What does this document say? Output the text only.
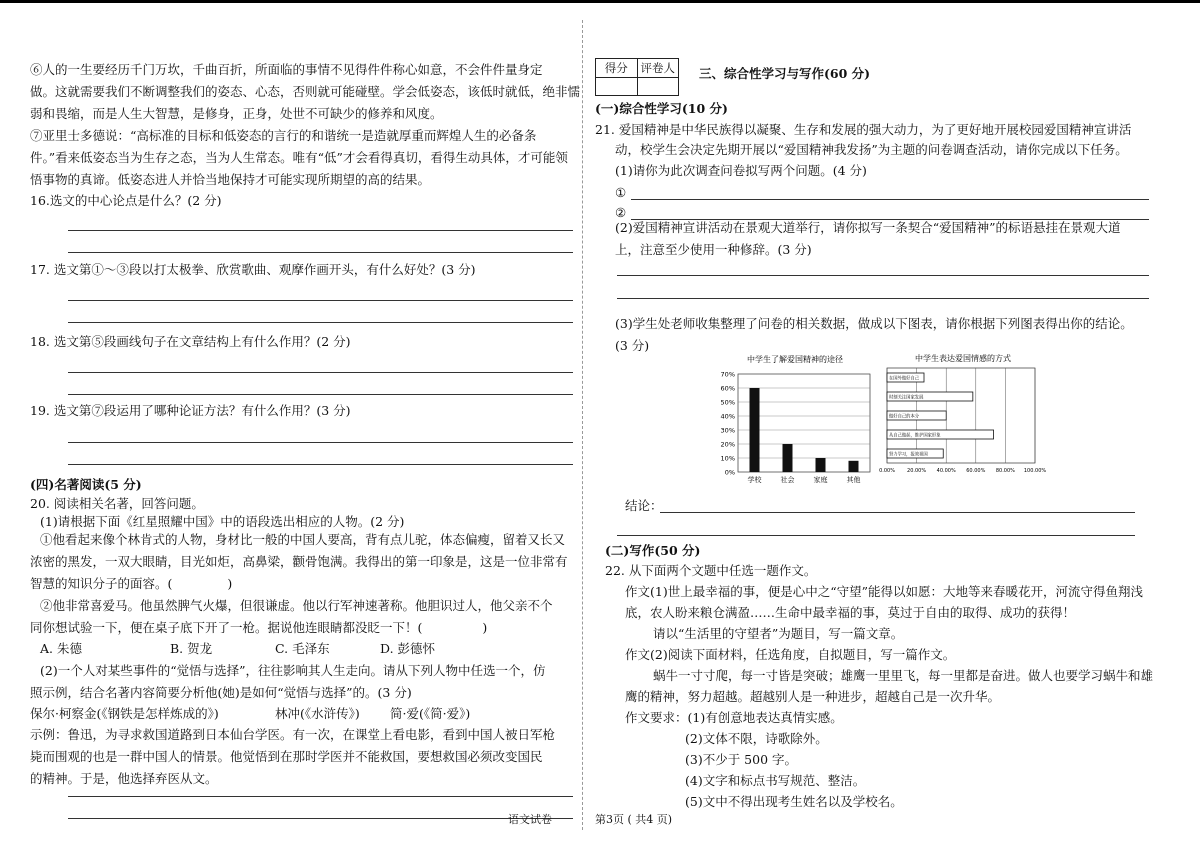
⑥人的一生要经历千门万坎，千曲百折，所面临的事情不见得件件称心如意，不会件件量身定
做。这就需要我们不断调整我们的姿态、心态，否则就可能碰壁。学会低姿态，该低时就低，绝非懦
弱和畏缩，而是人生大智慧，是修身，正身，处世不可缺少的修养和风度。
⑦亚里士多德说：“高标准的目标和低姿态的言行的和谐统一是造就厚重而辉煌人生的必备条
件。”看来低姿态当为生存之态，当为人生常态。唯有“低”才会看得真切，看得生动具体，才可能领
悟事物的真谛。低姿态进人并恰当地保持才可能实现所期望的高的结果。
16.选文的中心论点是什么？(2 分)
17. 选文第①～③段以打太极拳、欣赏歌曲、观摩作画开头，有什么好处？(3 分)
18. 选文第⑤段画线句子在文章结构上有什么作用？(2 分)
19. 选文第⑦段运用了哪种论证方法？有什么作用？(3 分)
(四)名著阅读(5 分)
20. 阅读相关名著，回答问题。
(1)请根据下面《红星照耀中国》中的语段选出相应的人物。(2 分)
①他看起来像个林肯式的人物，身材比一般的中国人要高，背有点儿驼，体态偏瘦，留着又长又
浓密的黑发，一双大眼睛，目光如炬，高鼻梁，颧骨饱满。我得出的第一印象是，这是一位非常有
智慧的知识分子的面容。(	)
②他非常喜爱马。他虽然脾气火爆，但很谦虚。他以行军神速著称。他胆识过人，他父亲不个
同你想试验一下，便在桌子底下开了一枪。据说他连眼睛都没眨一下！(	)
A. 朱德	B. 贺龙	C. 毛泽东	D. 彭德怀
(2)一个人对某些事件的“觉悟与选择”，往往影响其人生走向。请从下列人物中任选一个，仿
照示例，结合名著内容简要分析他(她)是如何“觉悟与选择”的。(3 分)
保尔·柯察金(《钢铁是怎样炼成的》)	林冲(《水浒传》) 简·爱(《简·爱》)
示例：鲁迅，为寻求救国道路到日本仙台学医。有一次，在课堂上看电影，看到中国人被日军枪
毙而围观的也是一群中国人的情景。他觉悟到在那时学医并不能救国，要想救国必须改变国民
的精神。于是，他选择弃医从文。
语文试卷
得分	评卷人 三、综合性学习与写作(60 分)
(一)综合性学习(10 分)
21. 爱国精神是中华民族得以凝聚、生存和发展的强大动力，为了更好地开展校园爱国精神宣讲活
动，校学生会决定先期开展以“爱国精神我发扬”为主题的问卷调查活动，请你完成以下任务。
(1)请你为此次调查问卷拟写两个问题。(4 分)
①
②
(2)爱国精神宣讲活动在景观大道举行，请你拟写一条契合“爱国精神”的标语悬挂在景观大道
上，注意至少使用一种修辞。(3 分)
(3)学生处老师收集整理了问卷的相关数据，做成以下图表，请你根据下列图表得出你的结论。
(3 分)
中学生了解爱国精神的途径
0%
10%
20%
30%
40%
50%
60%
70%
学校	社会	家庭	其他
中学生表达爱国情感的方式
0.00% 20.00% 40.00% 60.00% 80.00% 100.00%
努力学习，报效祖国
从自己做起，维护国家形象
做好自己的本分
时刻关注国家发展
在国外做好自己
结论：
(二)写作(50 分)
22. 从下面两个文题中任选一题作文。
作文(1)世上最幸福的事，便是心中之“守望”能得以如愿：大地等来春暖花开，河流守得鱼翔浅
底，农人盼来粮仓满盈……生命中最幸福的事，莫过于自由的取得、成功的获得！
请以“生活里的守望者”为题目，写一篇文章。
作文(2)阅读下面材料，任选角度，自拟题目，写一篇作文。
蜗牛一寸寸爬，每一寸皆是突破；雄鹰一里里飞，每一里都是奋进。做人也要学习蜗牛和雄
鹰的精神，努力超越。超越别人是一种进步，超越自己是一次升华。
作文要求：(1)有创意地表达真情实感。
(2)文体不限，诗歌除外。
(3)不少于 500 字。
(4)文字和标点书写规范、整洁。
(5)文中不得出现考生姓名以及学校名。
第3页 ( 共4 页)
